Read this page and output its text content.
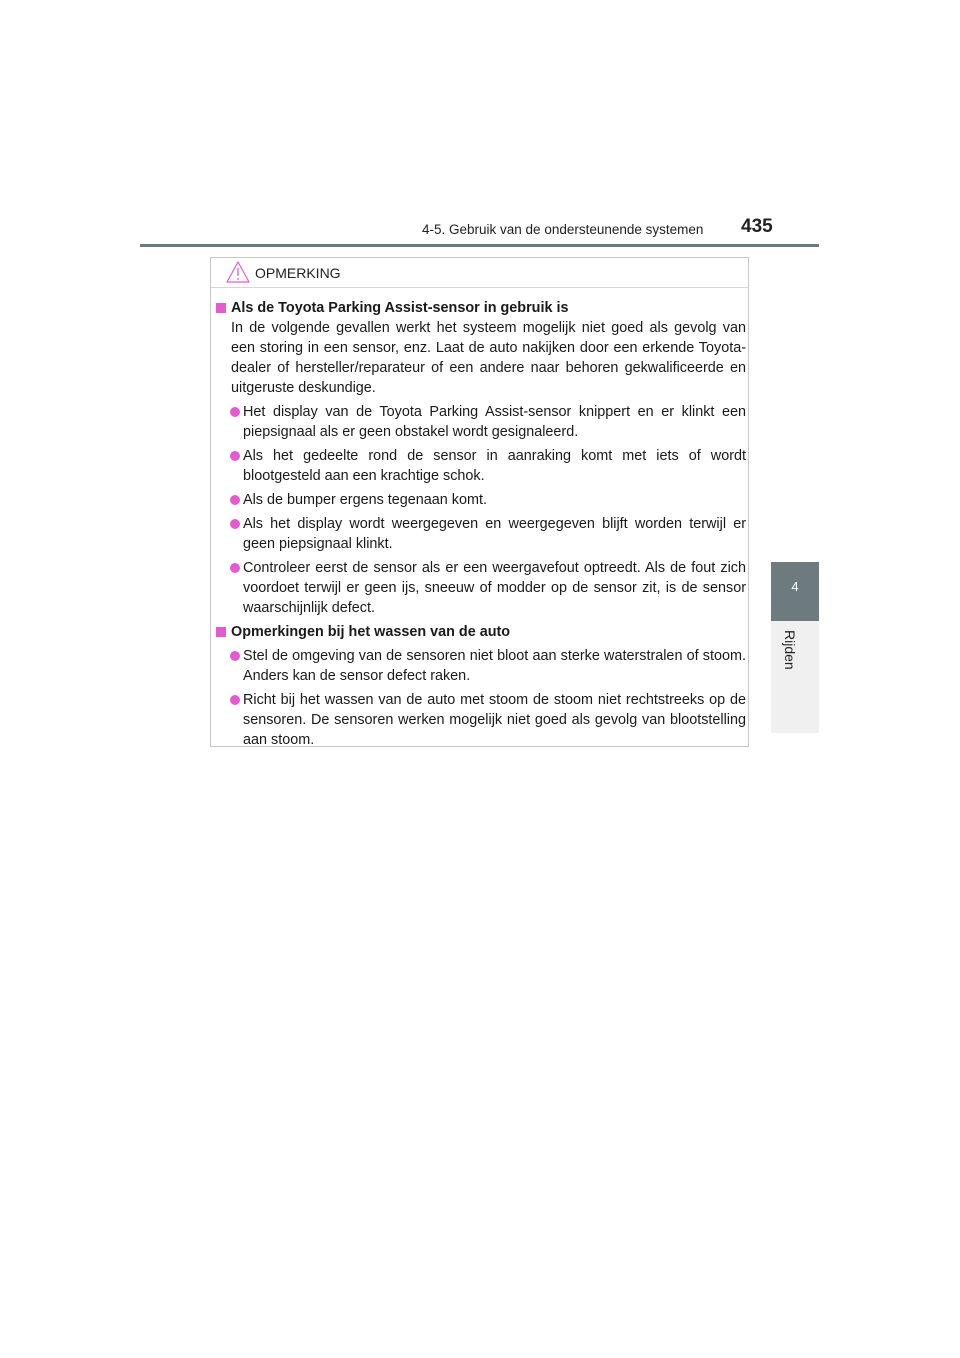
4-5. Gebruik van de ondersteunende systemen 435
4
Rijden
OPMERKING
Als de Toyota Parking Assist-sensor in gebruik is
In de volgende gevallen werkt het systeem mogelijk niet goed als gevolg van een storing in een sensor, enz. Laat de auto nakijken door een erkende Toyota-dealer of hersteller/reparateur of een andere naar behoren gekwalificeerde en uitgeruste deskundige.
Het display van de Toyota Parking Assist-sensor knippert en er klinkt een piepsignaal als er geen obstakel wordt gesignaleerd.
Als het gedeelte rond de sensor in aanraking komt met iets of wordt blootgesteld aan een krachtige schok.
Als de bumper ergens tegenaan komt.
Als het display wordt weergegeven en weergegeven blijft worden terwijl er geen piepsignaal klinkt.
Controleer eerst de sensor als er een weergavefout optreedt. Als de fout zich voordoet terwijl er geen ijs, sneeuw of modder op de sensor zit, is de sensor waarschijnlijk defect.
Opmerkingen bij het wassen van de auto
Stel de omgeving van de sensoren niet bloot aan sterke waterstralen of stoom. Anders kan de sensor defect raken.
Richt bij het wassen van de auto met stoom de stoom niet rechtstreeks op de sensoren. De sensoren werken mogelijk niet goed als gevolg van blootstelling aan stoom.
